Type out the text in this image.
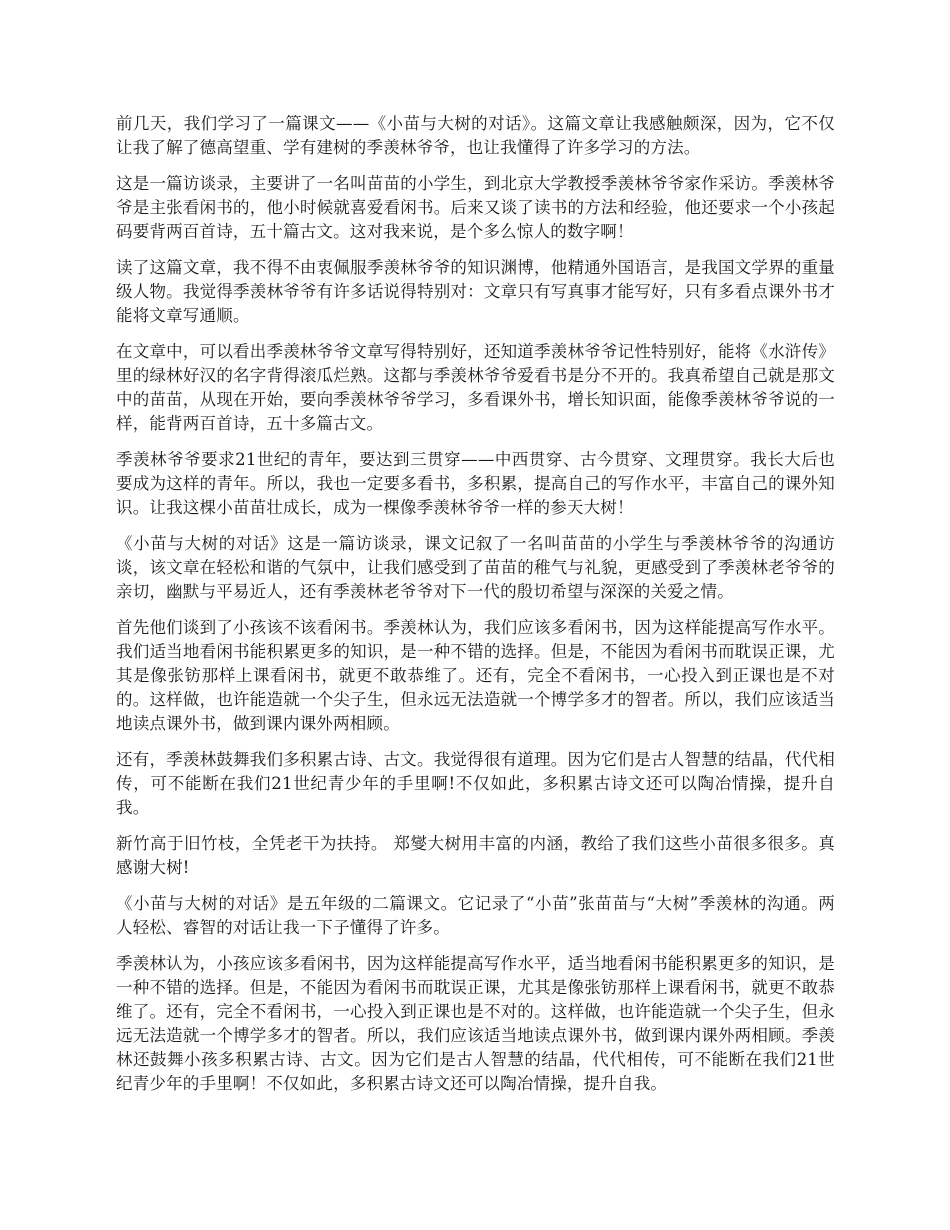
前几天，我们学习了一篇课文——《小苗与大树的对话》。这篇文章让我感触颇深，因为，它不仅让我了解了德高望重、学有建树的季羡林爷爷，也让我懂得了许多学习的方法。

这是一篇访谈录，主要讲了一名叫苗苗的小学生，到北京大学教授季羡林爷爷家作采访。季羡林爷爷是主张看闲书的，他小时候就喜爱看闲书。后来又谈了读书的方法和经验，他还要求一个小孩起码要背两百首诗，五十篇古文。这对我来说，是个多么惊人的数字啊！

读了这篇文章，我不得不由衷佩服季羡林爷爷的知识渊博，他精通外国语言，是我国文学界的重量级人物。我觉得季羡林爷爷有许多话说得特别对：文章只有写真事才能写好，只有多看点课外书才能将文章写通顺。

在文章中，可以看出季羡林爷爷文章写得特别好，还知道季羡林爷爷记性特别好，能将《水浒传》里的绿林好汉的名字背得滚瓜烂熟。这都与季羡林爷爷爱看书是分不开的。我真希望自己就是那文中的苗苗，从现在开始，要向季羡林爷爷学习，多看课外书，增长知识面，能像季羡林爷爷说的一样，能背两百首诗，五十多篇古文。

季羡林爷爷要求21世纪的青年，要达到三贯穿——中西贯穿、古今贯穿、文理贯穿。我长大后也要成为这样的青年。所以，我也一定要多看书，多积累，提高自己的写作水平，丰富自己的课外知识。让我这棵小苗苗壮成长，成为一棵像季羡林爷爷一样的参天大树！

《小苗与大树的对话》这是一篇访谈录，课文记叙了一名叫苗苗的小学生与季羡林爷爷的沟通访谈，该文章在轻松和谐的气氛中，让我们感受到了苗苗的稚气与礼貌，更感受到了季羡林老爷爷的亲切，幽默与平易近人，还有季羡林老爷爷对下一代的殷切希望与深深的关爱之情。

首先他们谈到了小孩该不该看闲书。季羡林认为，我们应该多看闲书，因为这样能提高写作水平。我们适当地看闲书能积累更多的知识，是一种不错的选择。但是，不能因为看闲书而耽误正课，尤其是像张钫那样上课看闲书，就更不敢恭维了。还有，完全不看闲书，一心投入到正课也是不对的。这样做，也许能造就一个尖子生，但永远无法造就一个博学多才的智者。所以，我们应该适当地读点课外书，做到课内课外两相顾。

还有，季羡林鼓舞我们多积累古诗、古文。我觉得很有道理。因为它们是古人智慧的结晶，代代相传，可不能断在我们21世纪青少年的手里啊!不仅如此，多积累古诗文还可以陶冶情操，提升自我。

新竹高于旧竹枝，全凭老干为扶持。 郑燮大树用丰富的内涵，教给了我们这些小苗很多很多。真感谢大树!

《小苗与大树的对话》是五年级的二篇课文。它记录了“小苗”张苗苗与“大树”季羡林的沟通。两人轻松、睿智的对话让我一下子懂得了许多。

季羡林认为，小孩应该多看闲书，因为这样能提高写作水平，适当地看闲书能积累更多的知识，是一种不错的选择。但是，不能因为看闲书而耽误正课，尤其是像张钫那样上课看闲书，就更不敢恭维了。还有，完全不看闲书，一心投入到正课也是不对的。这样做，也许能造就一个尖子生，但永远无法造就一个博学多才的智者。所以，我们应该适当地读点课外书，做到课内课外两相顾。季羡林还鼓舞小孩多积累古诗、古文。因为它们是古人智慧的结晶，代代相传，可不能断在我们21世纪青少年的手里啊！不仅如此，多积累古诗文还可以陶冶情操，提升自我。
